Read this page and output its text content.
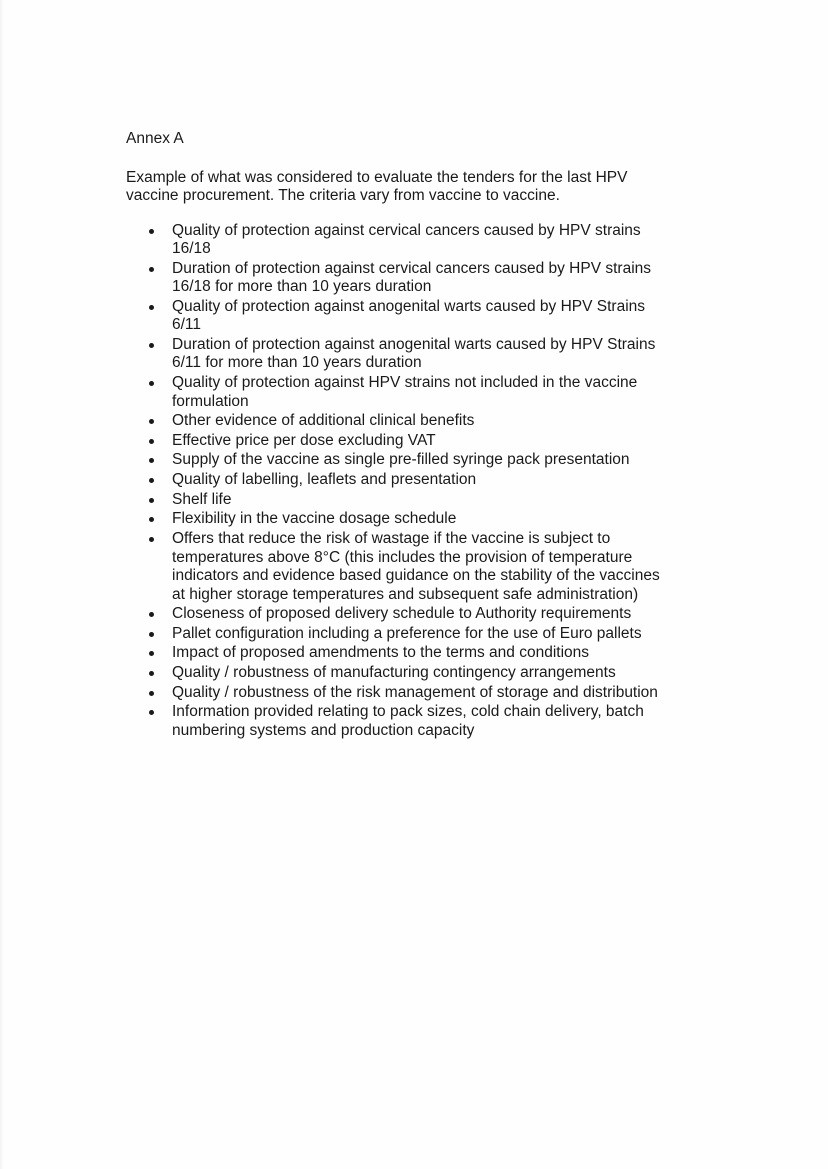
Annex A

Example of what was considered to evaluate the tenders for the last HPV vaccine procurement. The criteria vary from vaccine to vaccine.

Quality of protection against cervical cancers caused by HPV strains 16/18
Duration of protection against cervical cancers caused by HPV strains 16/18 for more than 10 years duration
Quality of protection against anogenital warts caused by HPV Strains 6/11
Duration of protection against anogenital warts caused by HPV Strains 6/11 for more than 10 years duration
Quality of protection against HPV strains not included in the vaccine formulation
Other evidence of additional clinical benefits
Effective price per dose excluding VAT
Supply of the vaccine as single pre-filled syringe pack presentation
Quality of labelling, leaflets and presentation
Shelf life
Flexibility in the vaccine dosage schedule
Offers that reduce the risk of wastage if the vaccine is subject to temperatures above 8°C (this includes the provision of temperature indicators and evidence based guidance on the stability of the vaccines at higher storage temperatures and subsequent safe administration)
Closeness of proposed delivery schedule to Authority requirements
Pallet configuration including a preference for the use of Euro pallets
Impact of proposed amendments to the terms and conditions
Quality / robustness of manufacturing contingency arrangements
Quality / robustness of the risk management of storage and distribution
Information provided relating to pack sizes, cold chain delivery, batch numbering systems and production capacity
